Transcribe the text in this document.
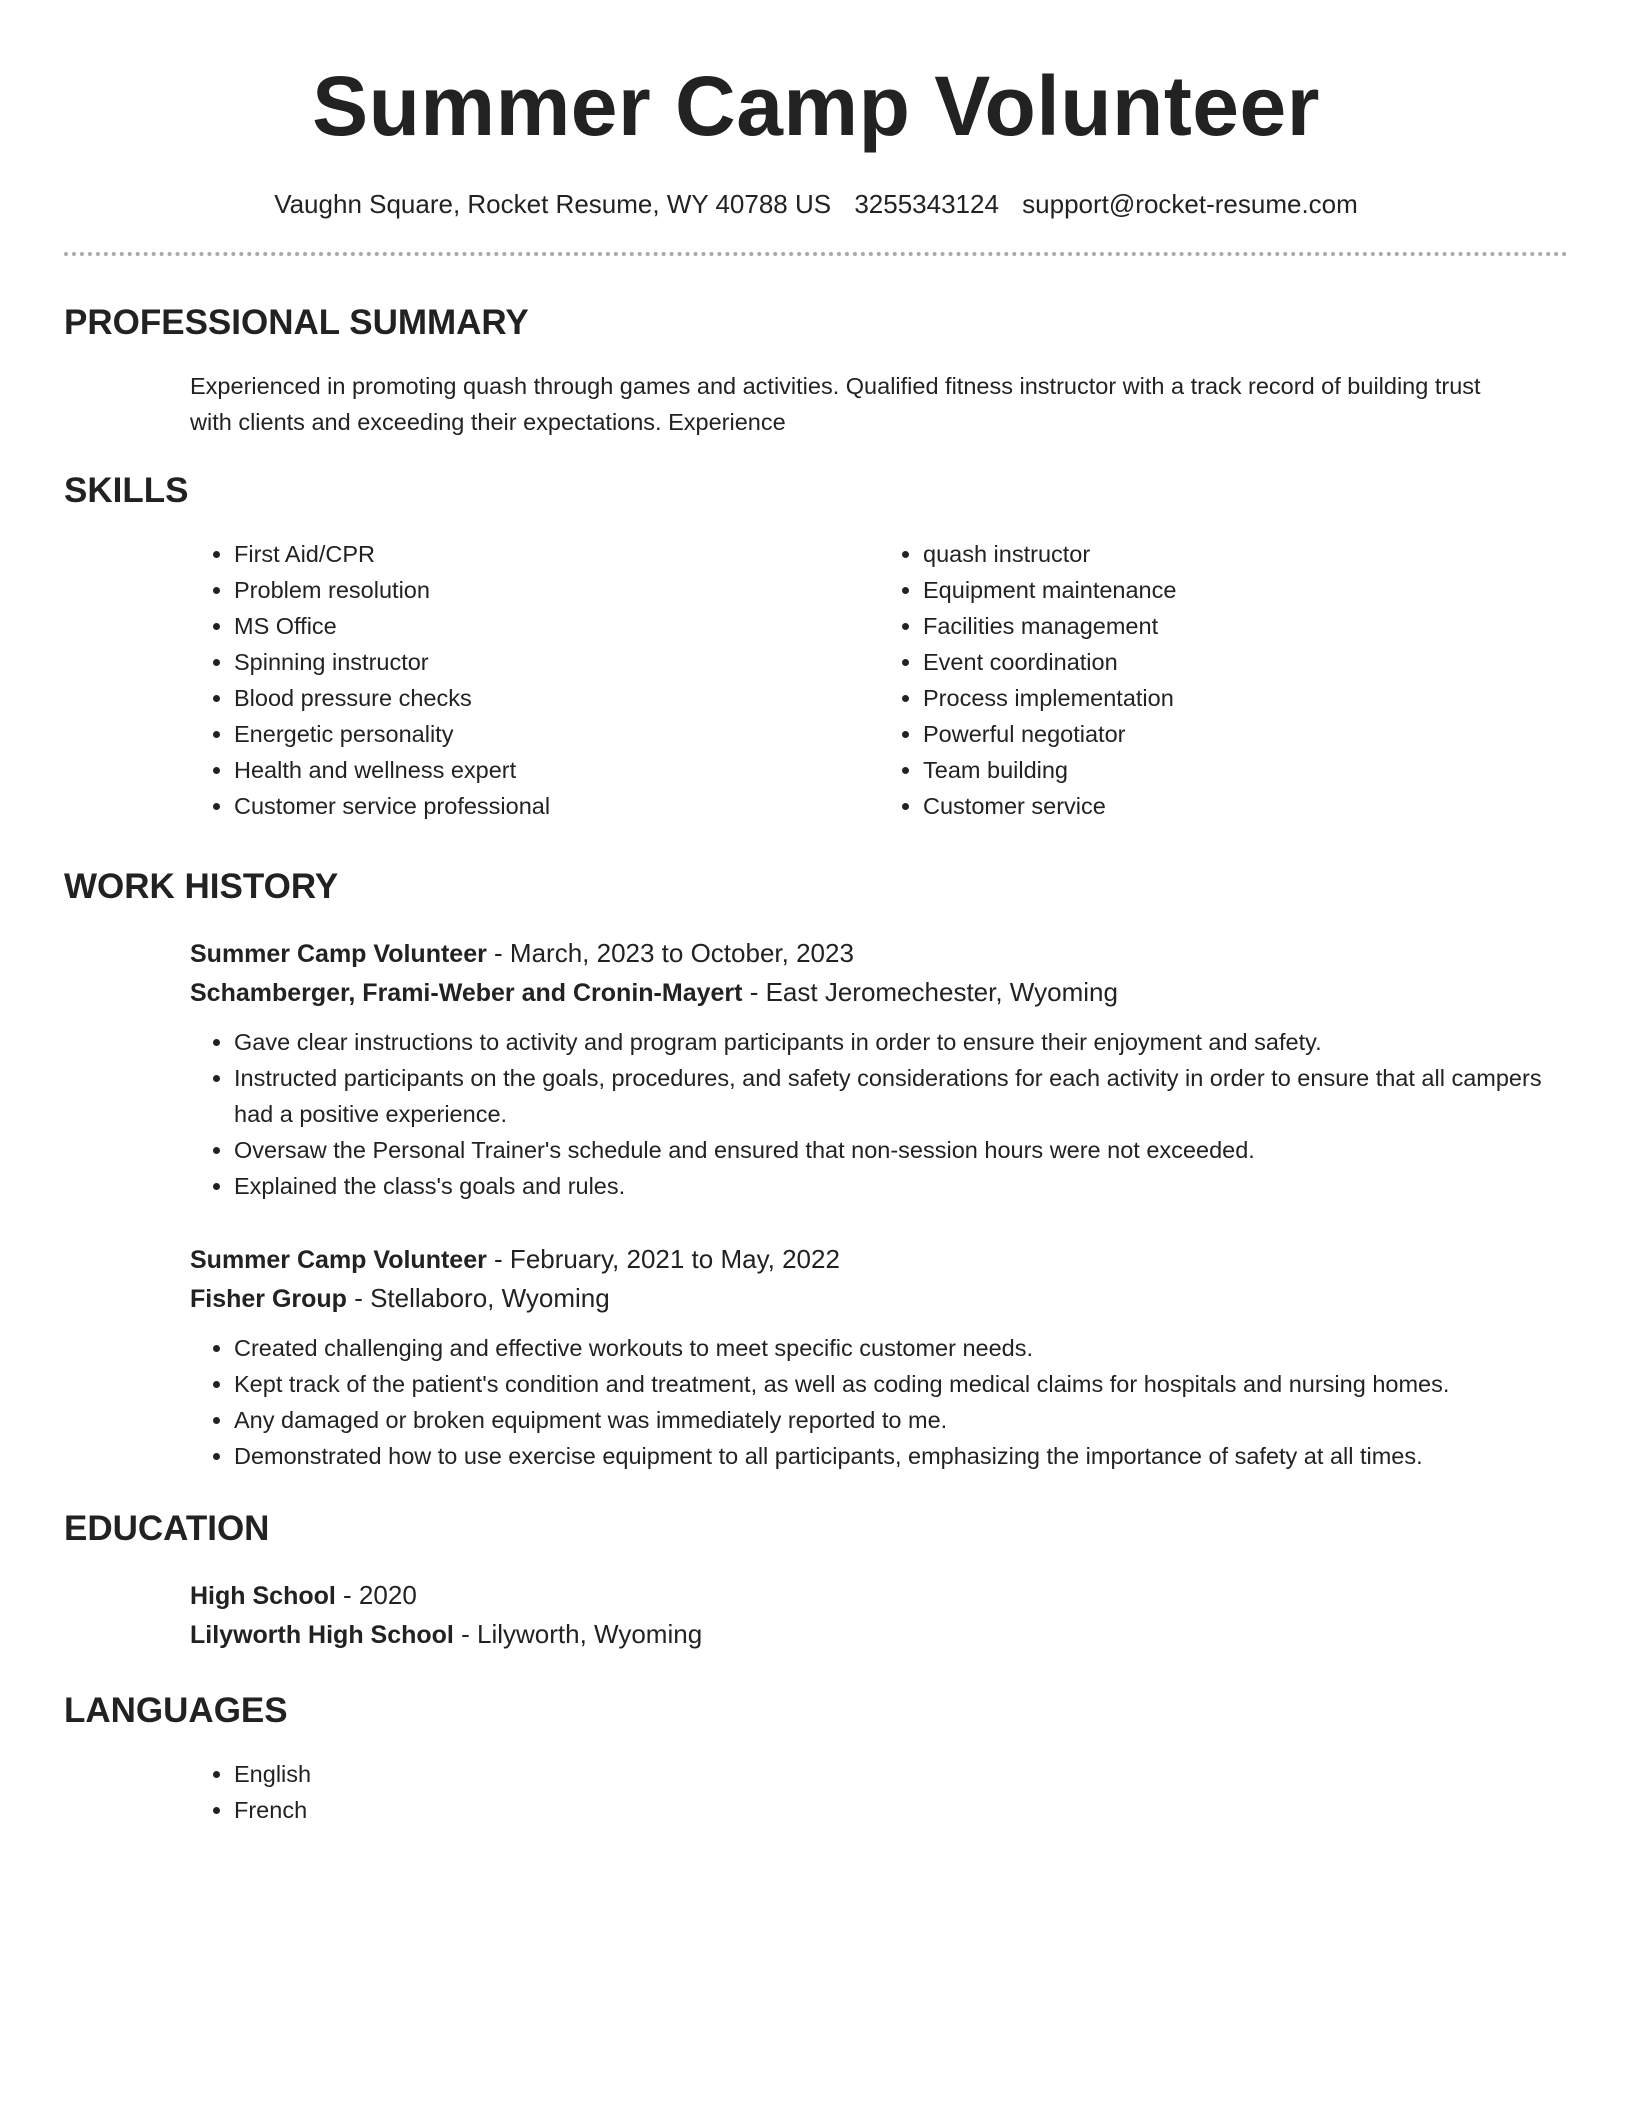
Summer Camp Volunteer
Vaughn Square, Rocket Resume, WY 40788 US 3255343124 support@rocket-resume.com
PROFESSIONAL SUMMARY

Experienced in promoting quash through games and activities. Qualified fitness instructor with a track record of building trust with clients and exceeding their expectations. Experience

SKILLS
• First Aid/CPR
• Problem resolution
• MS Office
• Spinning instructor
• Blood pressure checks
• Energetic personality
• Health and wellness expert
• Customer service professional
• quash instructor
• Equipment maintenance
• Facilities management
• Event coordination
• Process implementation
• Powerful negotiator
• Team building
• Customer service
WORK HISTORY
Summer Camp Volunteer - March, 2023 to October, 2023
Schamberger, Frami-Weber and Cronin-Mayert - East Jeromechester, Wyoming
• Gave clear instructions to activity and program participants in order to ensure their enjoyment and safety.
• Instructed participants on the goals, procedures, and safety considerations for each activity in order to ensure that all campers had a positive experience.
• Oversaw the Personal Trainer's schedule and ensured that non-session hours were not exceeded.
• Explained the class's goals and rules.
Summer Camp Volunteer - February, 2021 to May, 2022
Fisher Group - Stellaboro, Wyoming
• Created challenging and effective workouts to meet specific customer needs.
• Kept track of the patient's condition and treatment, as well as coding medical claims for hospitals and nursing homes.
• Any damaged or broken equipment was immediately reported to me.
• Demonstrated how to use exercise equipment to all participants, emphasizing the importance of safety at all times.
EDUCATION
High School - 2020
Lilyworth High School - Lilyworth, Wyoming
LANGUAGES
• English
• French
